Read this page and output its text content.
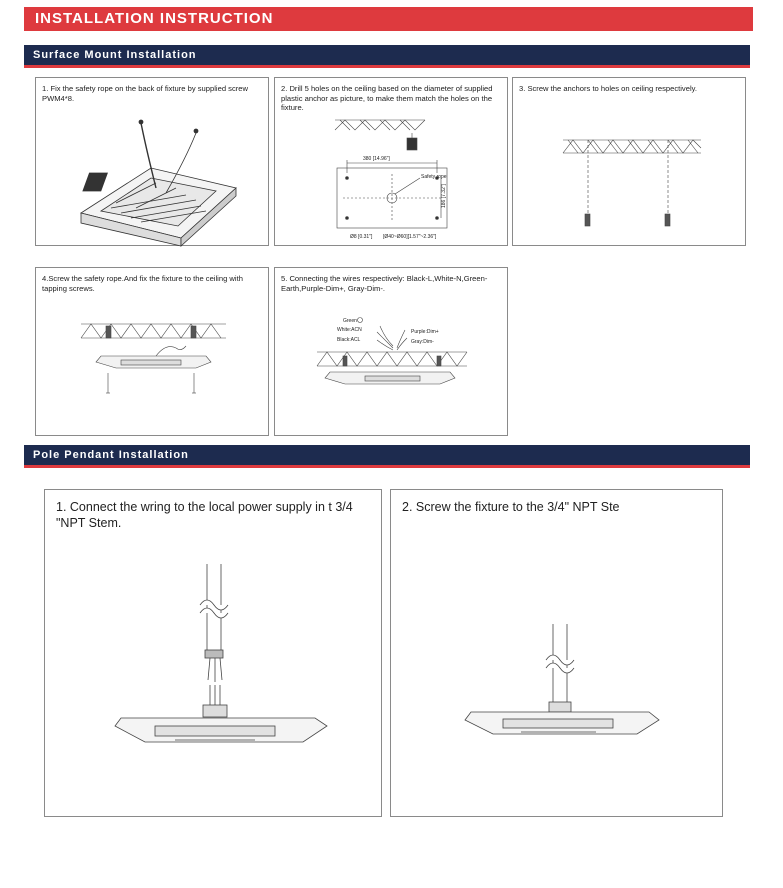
INSTALLATION INSTRUCTION
Surface Mount Installation
1. Fix the safety rope on the back of fixture by supplied screw PWM4*8.
2. Drill 5 holes on the ceiling based on the diameter of supplied plastic anchor as picture, to make them match the holes on the fixture.
380 [14.96"]
Safety rope
186 [7.32"]
Ø8 [0.31"] [Ø40~Ø60][1.57"~2.36"]
3. Screw the anchors to holes on ceiling respectively.
4.Screw the safety rope.And fix the fixture to the ceiling with tapping screws.
5. Connecting the wires respectively: Black-L,White-N,Green-Earth,Purple-Dim+, Gray-Dim-.
Green
White:ACN
Black:ACL
Purple:Dim+
Gray:Dim-
Pole Pendant Installation
1. Connect the wring to the local power supply in t 3/4 "NPT Stem.
2. Screw the fixture to the 3/4" NPT Ste
